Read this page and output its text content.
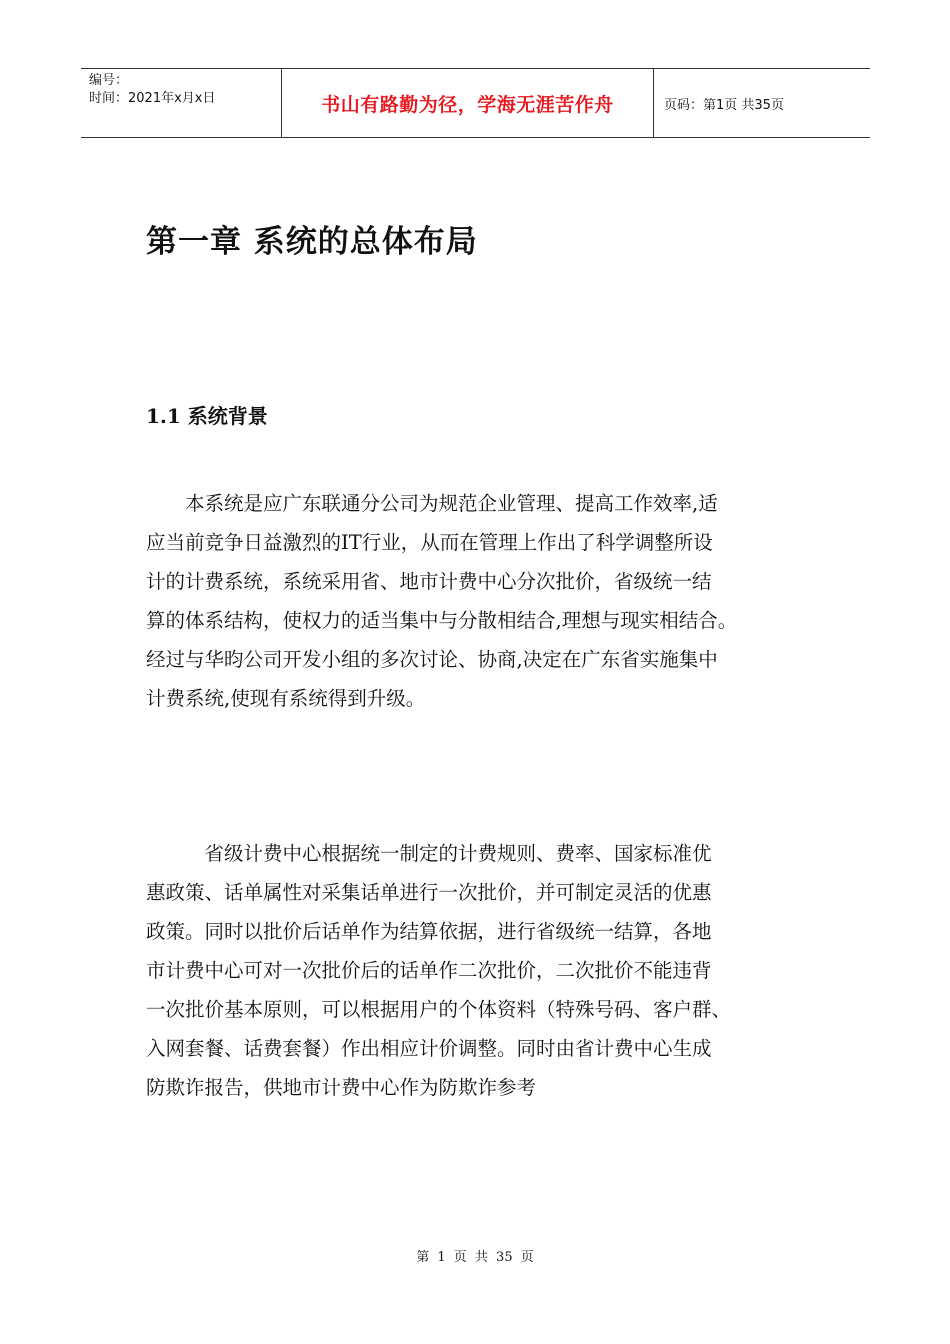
编号：
时间：2021年x月x日	书山有路勤为径，学海无涯苦作舟	页码：第1页 共35页
第一章 系统的总体布局
1.1 系统背景

　　本系统是应广东联通分公司为规范企业管理、提高工作效率,适
应当前竞争日益激烈的IT行业，从而在管理上作出了科学调整所设
计的计费系统，系统采用省、地市计费中心分次批价，省级统一结
算的体系结构，使权力的适当集中与分散相结合,理想与现实相结合。
经过与华昀公司开发小组的多次讨论、协商,决定在广东省实施集中
计费系统,使现有系统得到升级。

　　　省级计费中心根据统一制定的计费规则、费率、国家标准优
惠政策、话单属性对采集话单进行一次批价，并可制定灵活的优惠
政策。同时以批价后话单作为结算依据，进行省级统一结算，各地
市计费中心可对一次批价后的话单作二次批价，二次批价不能违背
一次批价基本原则，可以根据用户的个体资料（特殊号码、客户群、
入网套餐、话费套餐）作出相应计价调整。同时由省计费中心生成
防欺诈报告，供地市计费中心作为防欺诈参考

第 1 页 共 35 页
